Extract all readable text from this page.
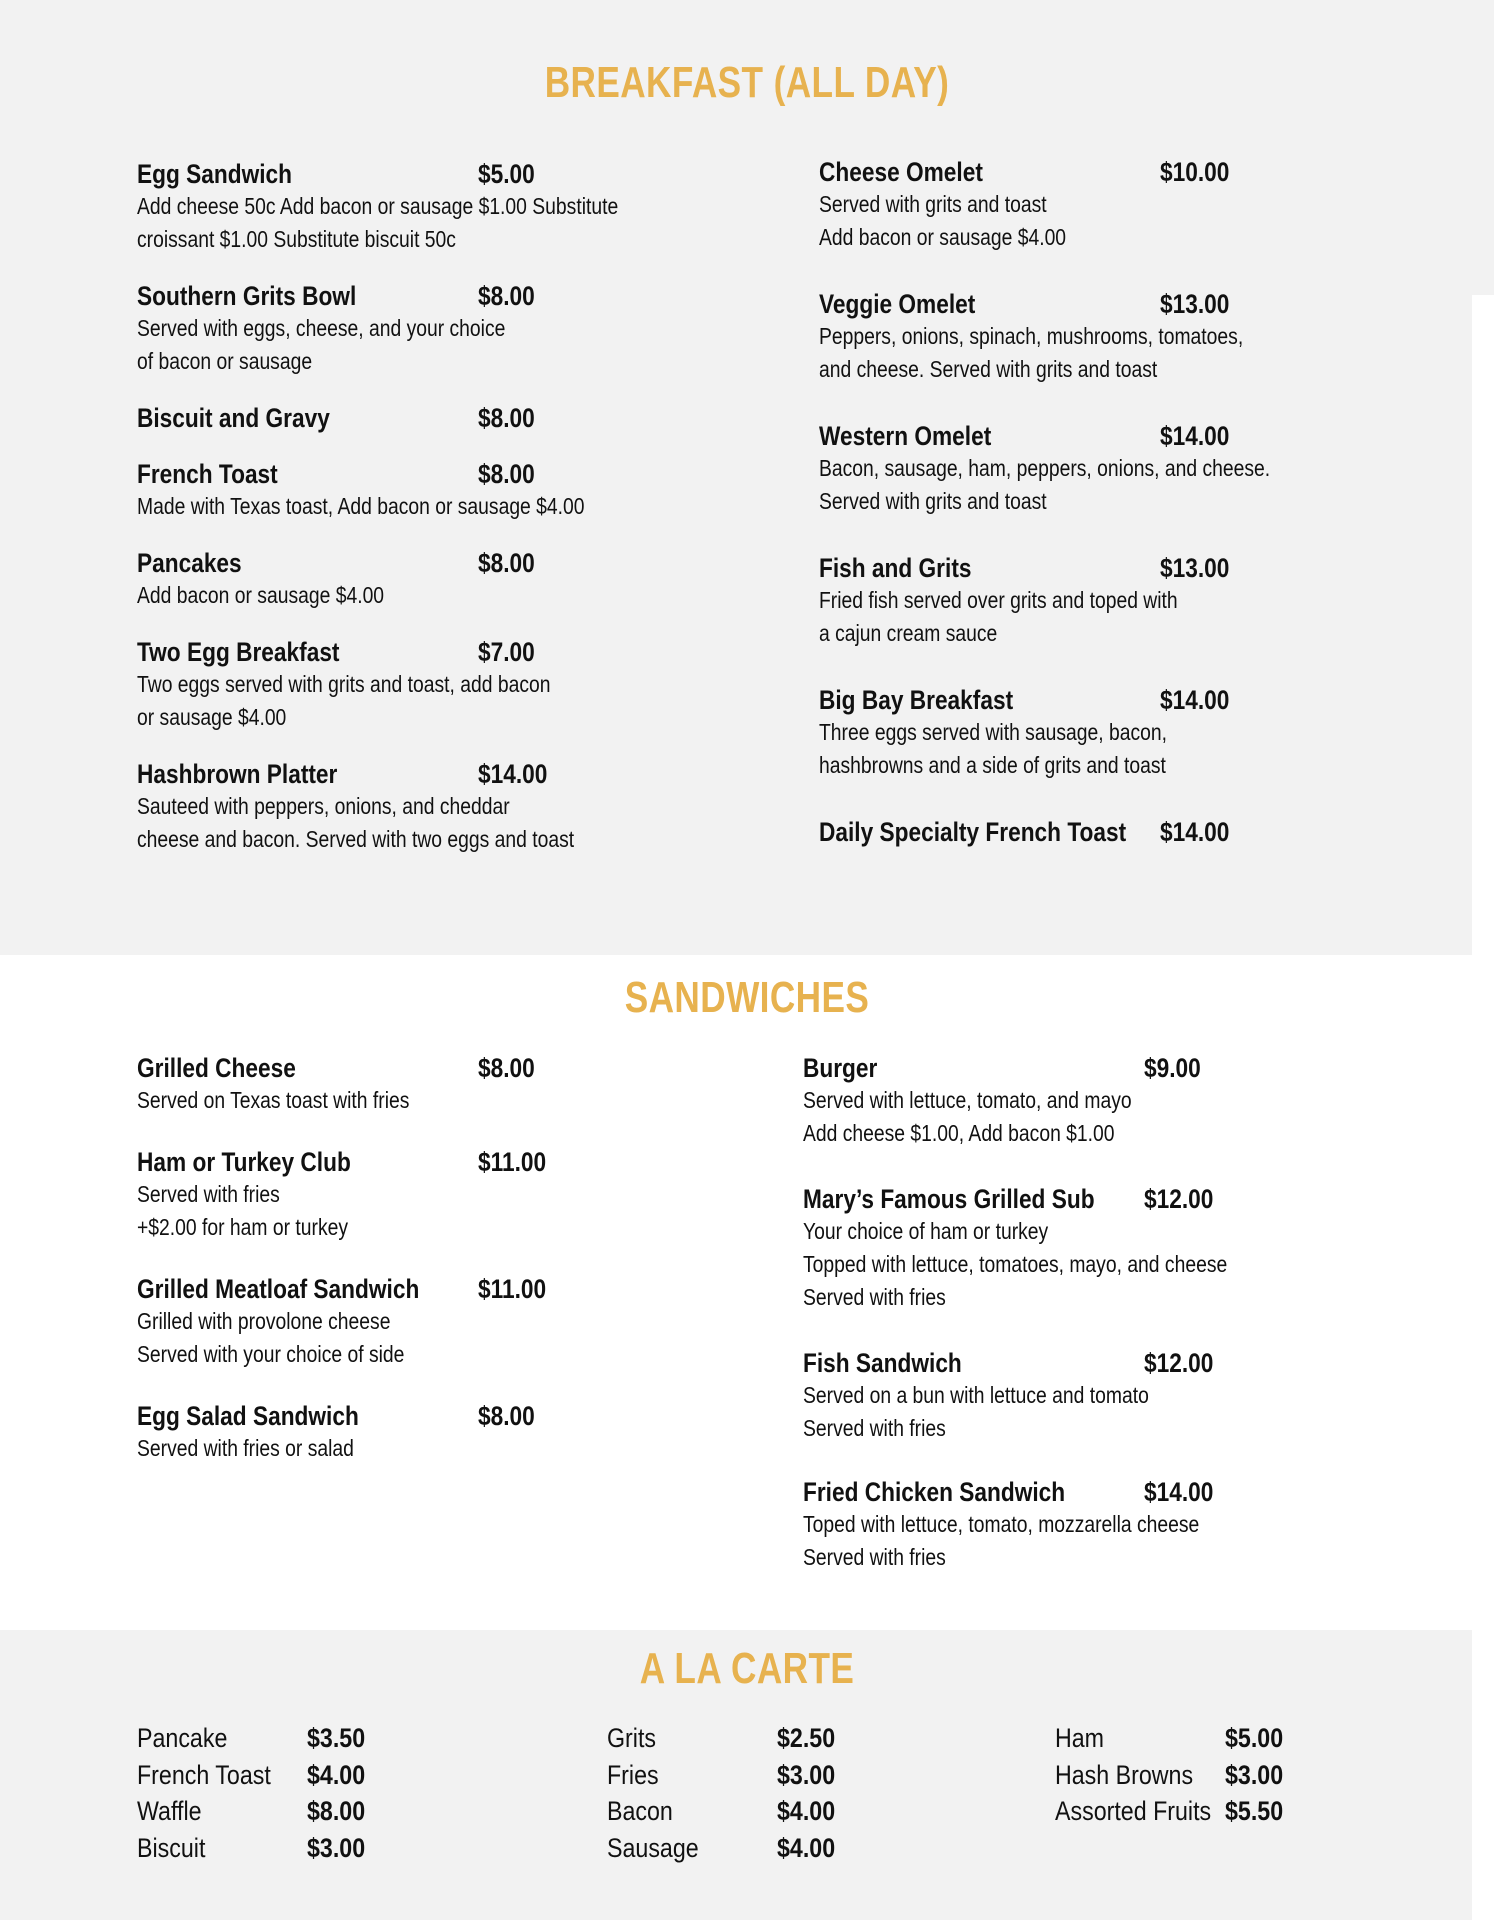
BREAKFAST (ALL DAY)
SANDWICHES
A LA CARTE
Egg Sandwich	$5.00
Add cheese 50c Add bacon or sausage $1.00 Substitute
croissant $1.00 Substitute biscuit 50c
Southern Grits Bowl	$8.00
Served with eggs, cheese, and your choice
of bacon or sausage
Biscuit and Gravy	$8.00
French Toast	$8.00
Made with Texas toast, Add bacon or sausage $4.00
Pancakes	$8.00
Add bacon or sausage $4.00
Two Egg Breakfast	$7.00
Two eggs served with grits and toast, add bacon
or sausage $4.00
Hashbrown Platter	$14.00
Sauteed with peppers, onions, and cheddar
cheese and bacon. Served with two eggs and toast
Cheese Omelet	$10.00
Served with grits and toast
Add bacon or sausage $4.00
Veggie Omelet	$13.00
Peppers, onions, spinach, mushrooms, tomatoes,
and cheese. Served with grits and toast
Western Omelet	$14.00
Bacon, sausage, ham, peppers, onions, and cheese.
Served with grits and toast
Fish and Grits	$13.00
Fried fish served over grits and toped with
a cajun cream sauce
Big Bay Breakfast	$14.00
Three eggs served with sausage, bacon,
hashbrowns and a side of grits and toast
Daily Specialty French Toast $14.00
Grilled Cheese	$8.00
Served on Texas toast with fries
Ham or Turkey Club	$11.00
Served with fries
+$2.00 for ham or turkey
Grilled Meatloaf Sandwich $11.00
Grilled with provolone cheese
Served with your choice of side
Egg Salad Sandwich	$8.00
Served with fries or salad
Burger	$9.00
Served with lettuce, tomato, and mayo
Add cheese $1.00, Add bacon $1.00
Mary’s Famous Grilled Sub $12.00
Your choice of ham or turkey
Topped with lettuce, tomatoes, mayo, and cheese
Served with fries
Fish Sandwich	$12.00
Served on a bun with lettuce and tomato
Served with fries
Fried Chicken Sandwich	$14.00
Toped with lettuce, tomato, mozzarella cheese
Served with fries
Pancake	$3.50
French Toast $4.00
Waffle	$8.00
Biscuit	$3.00
Grits	$2.50
Fries	$3.00
Bacon	$4.00
Sausage	$4.00
Ham	$5.00
Hash Browns $3.00
Assorted Fruits $5.50
